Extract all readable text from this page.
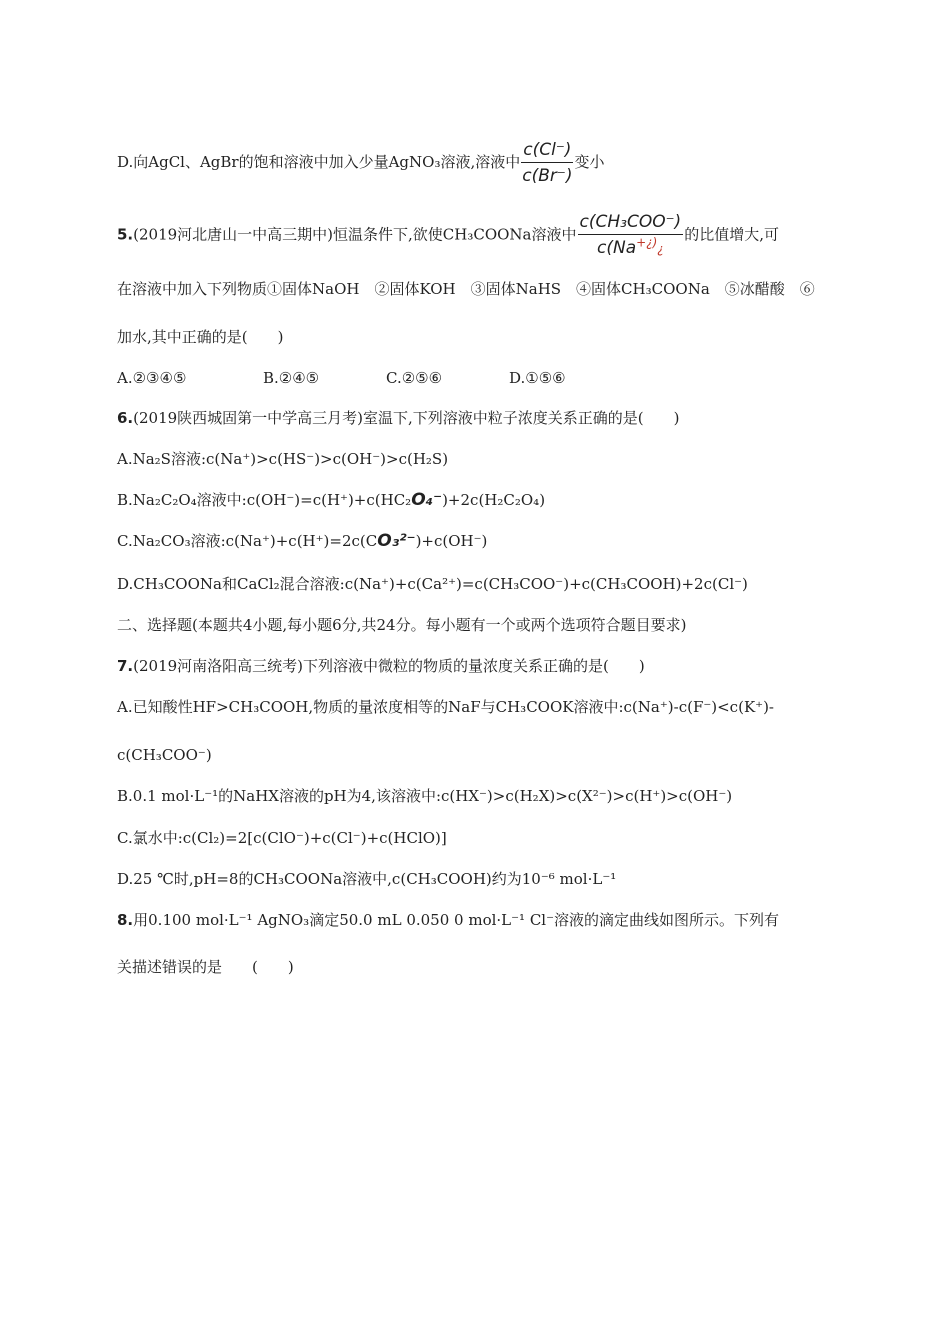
D.向AgCl、AgBr的饱和溶液中加入少量AgNO₃溶液,溶液中 $\frac{c(Cl^-)}{c(Br^-)}$ 变小
5.(2019河北唐山一中高三期中)恒温条件下,欲使CH₃COONa溶液中 $\frac{\text{c(CH₃COO⁻)}}{c(Na^{+¿)}¿}$ 的比值增大,可
在溶液中加入下列物质①固体NaOH　②固体KOH　③固体NaHS　④固体CH₃COONa　⑤冰醋酸　⑥
加水,其中正确的是(　　)
A.②③④⑤	B.②④⑤	C.②⑤⑥	D.①⑤⑥
6.(2019陕西城固第一中学高三月考)室温下,下列溶液中粒子浓度关系正确的是(　　)
A.Na₂S溶液:c(Na⁺)>c(HS⁻)>c(OH⁻)>c(H₂S)
B.Na₂C₂O₄溶液中:c(OH⁻)=c(H⁺)+c(HC₂O₄⁻)+2c(H₂C₂O₄)
C.Na₂CO₃溶液:c(Na⁺)+c(H⁺)=2c(CO₃²⁻)+c(OH⁻)
D.CH₃COONa和CaCl₂混合溶液:c(Na⁺)+c(Ca²⁺)=c(CH₃COO⁻)+c(CH₃COOH)+2c(Cl⁻)
二、选择题(本题共4小题,每小题6分,共24分。每小题有一个或两个选项符合题目要求)
7.(2019河南洛阳高三统考)下列溶液中微粒的物质的量浓度关系正确的是(　　)
A.已知酸性HF>CH₃COOH,物质的量浓度相等的NaF与CH₃COOK溶液中:c(Na⁺)-c(F⁻)<c(K⁺)-
c(CH₃COO⁻)
B.0.1 mol·L⁻¹的NaHX溶液的pH为4,该溶液中:c(HX⁻)>c(H₂X)>c(X²⁻)>c(H⁺)>c(OH⁻)
C.氯水中:c(Cl₂)=2[c(ClO⁻)+c(Cl⁻)+c(HClO)]
D.25 ℃时,pH=8的CH₃COONa溶液中,c(CH₃COOH)约为10⁻⁶ mol·L⁻¹
8.用0.100 mol·L⁻¹ AgNO₃滴定50.0 mL 0.050 0 mol·L⁻¹ Cl⁻溶液的滴定曲线如图所示。下列有
关描述错误的是　　(　　)
